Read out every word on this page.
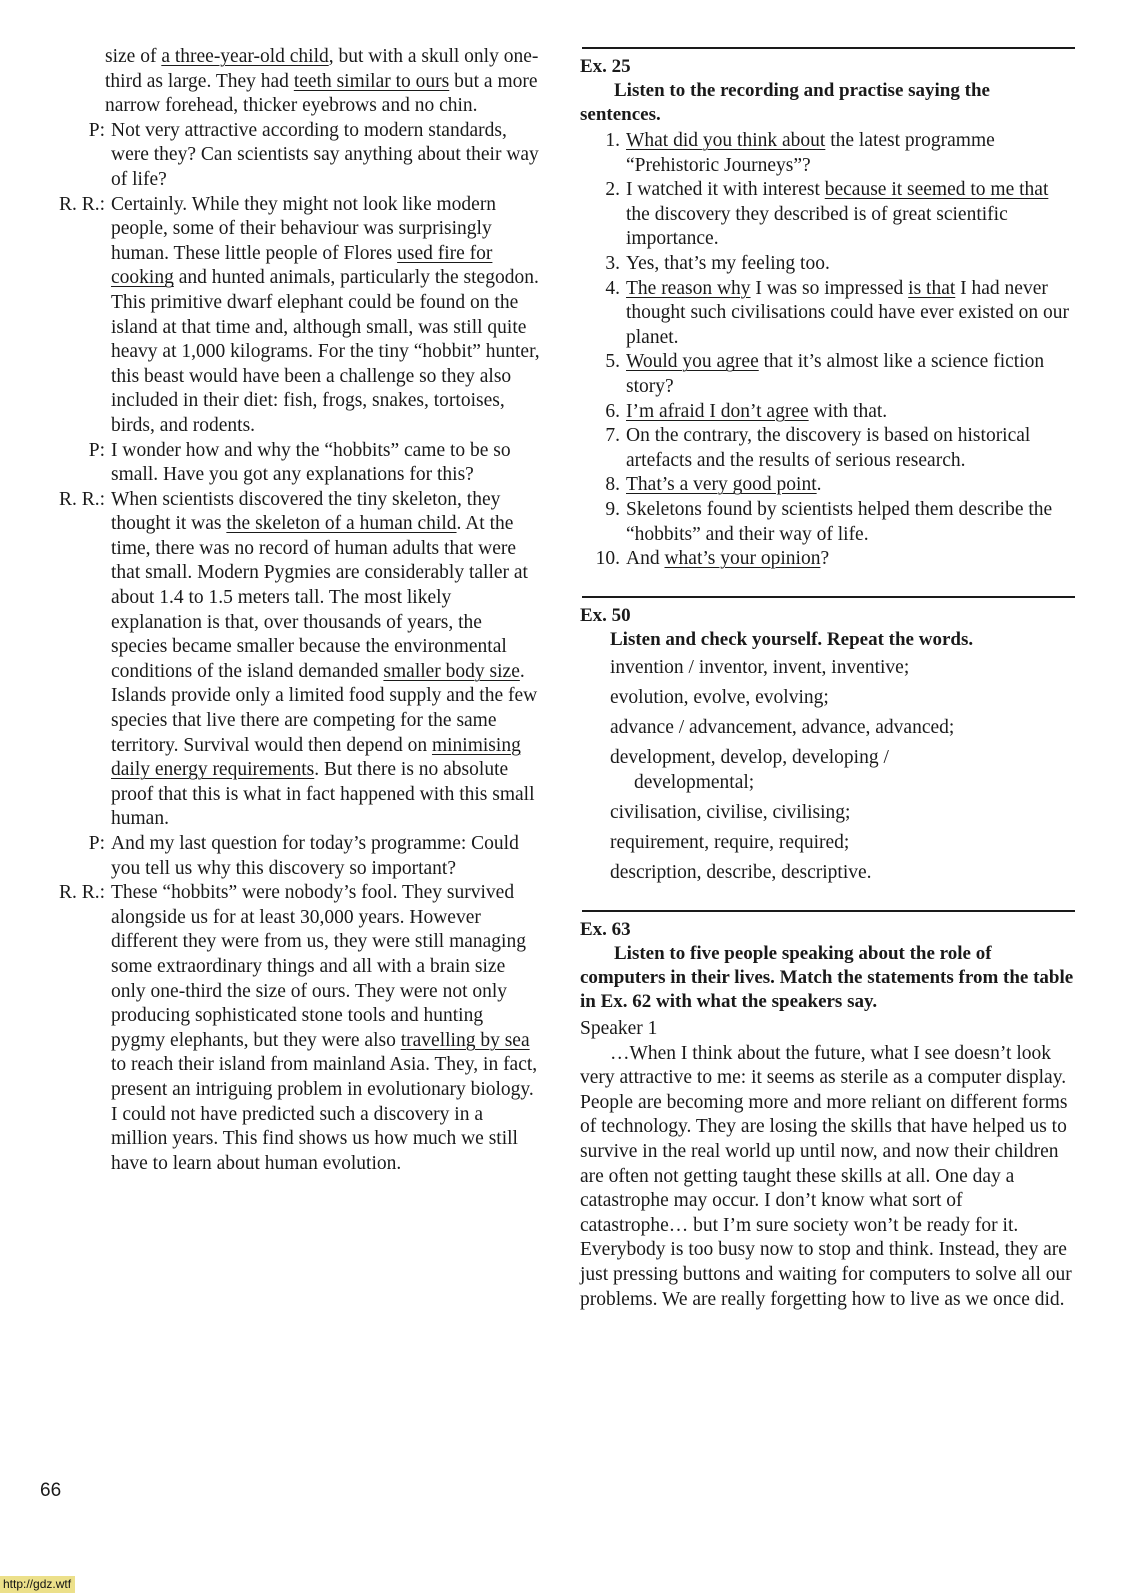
size of a three-year-old child, but with a skull only one-third as large. They had teeth similar to ours but a more narrow forehead, thicker eyebrows and no chin.
P: Not very attractive according to modern standards, were they? Can scientists say anything about their way of life?
R. R.: Certainly. While they might not look like modern people, some of their behaviour was surprisingly human. These little people of Flores used fire for cooking and hunted animals, particularly the stegodon. This primitive dwarf elephant could be found on the island at that time and, although small, was still quite heavy at 1,000 kilograms. For the tiny “hobbit” hunter, this beast would have been a challenge so they also included in their diet: fish, frogs, snakes, tortoises, birds, and rodents.
P: I wonder how and why the “hobbits” came to be so small. Have you got any explanations for this?
R. R.: When scientists discovered the tiny skeleton, they thought it was the skeleton of a human child. At the time, there was no record of human adults that were that small. Modern Pygmies are considerably taller at about 1.4 to 1.5 meters tall. The most likely explanation is that, over thousands of years, the species became smaller because the environmental conditions of the island demanded smaller body size. Islands provide only a limited food supply and the few species that live there are competing for the same territory. Survival would then depend on minimising daily energy requirements. But there is no absolute proof that this is what in fact happened with this small human.
P: And my last question for today’s programme: Could you tell us why this discovery so important?
R. R.: These “hobbits” were nobody’s fool. They survived alongside us for at least 30,000 years. However different they were from us, they were still managing some extraordinary things and all with a brain size only one-third the size of ours. They were not only producing sophisticated stone tools and hunting pygmy elephants, but they were also travelling by sea to reach their island from mainland Asia. They, in fact, present an intriguing problem in evolutionary biology. I could not have predicted such a discovery in a million years. This find shows us how much we still have to learn about human evolution.
Ex. 25
Listen to the recording and practise saying the sentences.
1. What did you think about the latest programme “Prehistoric Journeys”?
2. I watched it with interest because it seemed to me that the discovery they described is of great scientific importance.
3. Yes, that’s my feeling too.
4. The reason why I was so impressed is that I had never thought such civilisations could have ever existed on our planet.
5. Would you agree that it’s almost like a science fiction story?
6. I’m afraid I don’t agree with that.
7. On the contrary, the discovery is based on historical artefacts and the results of serious research.
8. That’s a very good point.
9. Skeletons found by scientists helped them describe the “hobbits” and their way of life.
10. And what’s your opinion?
Ex. 50
Listen and check yourself. Repeat the words.
invention / inventor, invent, inventive;
evolution, evolve, evolving;
advance / advancement, advance, advanced;
development, develop, developing /
developmental;
civilisation, civilise, civilising;
requirement, require, required;
description, describe, descriptive.
Ex. 63
Listen to five people speaking about the role of computers in their lives. Match the statements from the table in Ex. 62 with what the speakers say.
Speaker 1
…When I think about the future, what I see doesn’t look very attractive to me: it seems as sterile as a computer display. People are becoming more and more reliant on different forms of technology. They are losing the skills that have helped us to survive in the real world up until now, and now their children are often not getting taught these skills at all. One day a catastrophe may occur. I don’t know what sort of catastrophe… but I’m sure society won’t be ready for it. Everybody is too busy now to stop and think. Instead, they are just pressing buttons and waiting for computers to solve all our problems. We are really forgetting how to live as we once did.
66
http://gdz.wtf
